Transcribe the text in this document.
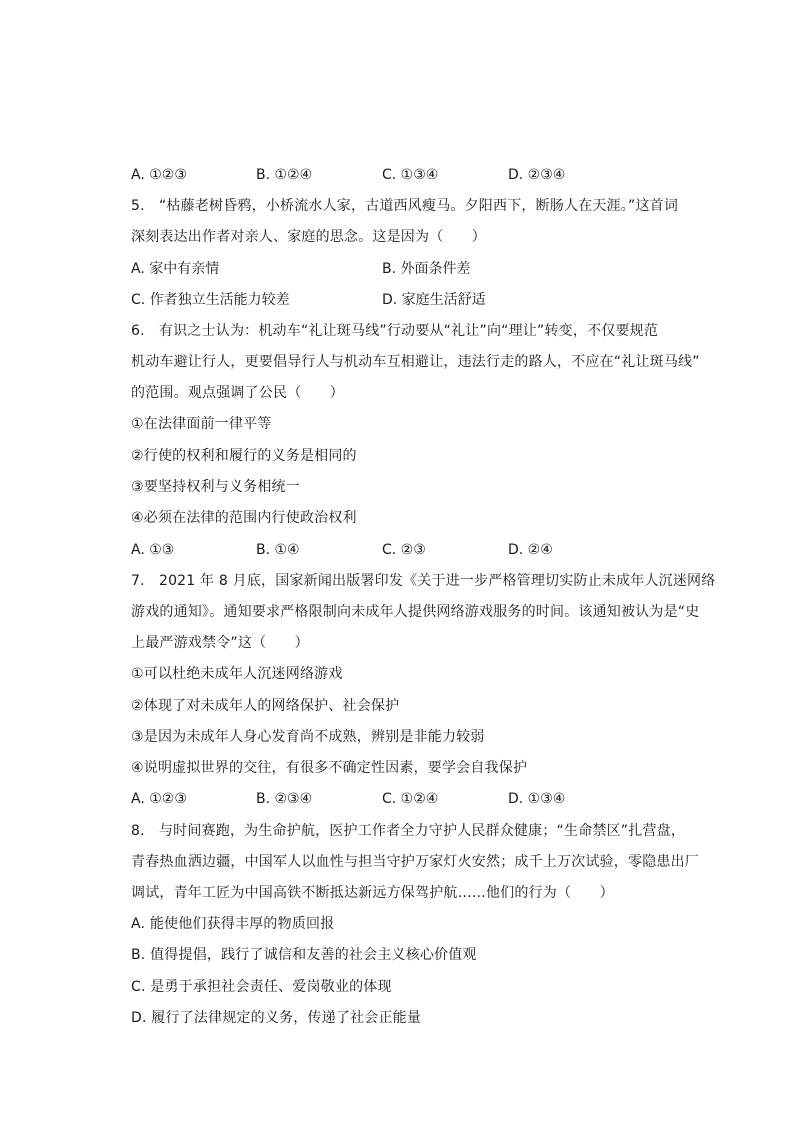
A. ①②③	B. ①②④	C. ①③④	D. ②③④
5.　“枯藤老树昏鸦，小桥流水人家，古道西风瘦马。夕阳西下，断肠人在天涯。”这首词
深刻表达出作者对亲人、家庭的思念。这是因为（　　）
A. 家中有亲情	B. 外面条件差
C. 作者独立生活能力较差	D. 家庭生活舒适
6.　有识之士认为：机动车“礼让斑马线”行动要从“礼让”向“理让”转变，不仅要规范
机动车避让行人，更要倡导行人与机动车互相避让，违法行走的路人，不应在“礼让斑马线”
的范围。观点强调了公民（　　）
①在法律面前一律平等
②行使的权利和履行的义务是相同的
③要坚持权利与义务相统一
④必须在法律的范围内行使政治权利
A. ①③	B. ①④	C. ②③	D. ②④
7.　2021 年 8 月底，国家新闻出版署印发《关于进一步严格管理切实防止未成年人沉迷网络
游戏的通知》。通知要求严格限制向未成年人提供网络游戏服务的时间。该通知被认为是“史
上最严游戏禁令”这（　　）
①可以杜绝未成年人沉迷网络游戏
②体现了对未成年人的网络保护、社会保护
③是因为未成年人身心发育尚不成熟，辨别是非能力较弱
④说明虚拟世界的交往，有很多不确定性因素，要学会自我保护
A. ①②③	B. ②③④	C. ①②④	D. ①③④
8.　与时间赛跑，为生命护航，医护工作者全力守护人民群众健康；“生命禁区”扎营盘，
青春热血洒边疆，中国军人以血性与担当守护万家灯火安然；成千上万次试验，零隐患出厂
调试，青年工匠为中国高铁不断抵达新远方保驾护航……他们的行为（　　）
A. 能使他们获得丰厚的物质回报
B. 值得提倡，践行了诚信和友善的社会主义核心价值观
C. 是勇于承担社会责任、爱岗敬业的体现
D. 履行了法律规定的义务，传递了社会正能量
